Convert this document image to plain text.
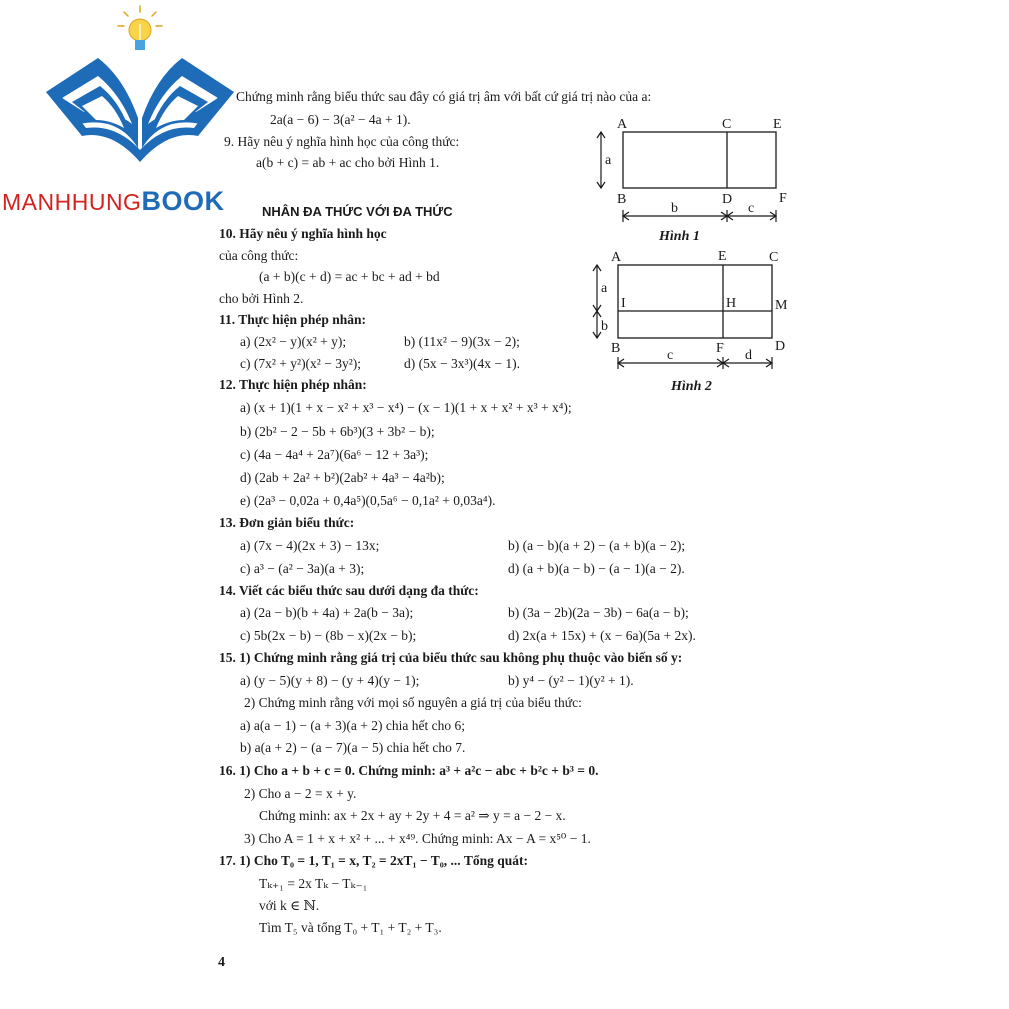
MANHHUNGBOOK
Chứng minh rằng biểu thức sau đây có giá trị âm với bất cứ giá trị nào của a:
2a(a − 6) − 3(a² − 4a + 1).
9. Hãy nêu ý nghĩa hình học của công thức:
a(b + c) = ab + ac cho bởi Hình 1.
NHÂN ĐA THỨC VỚI ĐA THỨC
10. Hãy nêu ý nghĩa hình học
của công thức:
(a + b)(c + d) = ac + bc + ad + bd
cho bởi Hình 2.
11. Thực hiện phép nhân:
a) (2x² − y)(x² + y);	b) (11x² − 9)(3x − 2);
c) (7x² + y²)(x² − 3y²);	d) (5x − 3x³)(4x − 1).
12. Thực hiện phép nhân:
a) (x + 1)(1 + x − x² + x³ − x⁴) − (x − 1)(1 + x + x² + x³ + x⁴);
b) (2b² − 2 − 5b + 6b³)(3 + 3b² − b);
c) (4a − 4a⁴ + 2a⁷)(6a⁶ − 12 + 3a³);
d) (2ab + 2a² + b²)(2ab² + 4a³ − 4a²b);
e) (2a³ − 0,02a + 0,4a⁵)(0,5a⁶ − 0,1a² + 0,03a⁴).
13. Đơn giản biểu thức:
a) (7x − 4)(2x + 3) − 13x;	b) (a − b)(a + 2) − (a + b)(a − 2);
c) a³ − (a² − 3a)(a + 3);	d) (a + b)(a − b) − (a − 1)(a − 2).
14. Viết các biểu thức sau dưới dạng đa thức:
a) (2a − b)(b + 4a) + 2a(b − 3a);	b) (3a − 2b)(2a − 3b) − 6a(a − b);
c) 5b(2x − b) − (8b − x)(2x − b);	d) 2x(a + 15x) + (x − 6a)(5a + 2x).
15. 1) Chứng minh rằng giá trị của biểu thức sau không phụ thuộc vào biến số y:
a) (y − 5)(y + 8) − (y + 4)(y − 1);	b) y⁴ − (y² − 1)(y² + 1).
2) Chứng minh rằng với mọi số nguyên a giá trị của biểu thức:
a) a(a − 1) − (a + 3)(a + 2) chia hết cho 6;
b) a(a + 2) − (a − 7)(a − 5) chia hết cho 7.
16. 1) Cho a + b + c = 0. Chứng minh: a³ + a²c − abc + b²c + b³ = 0.
2) Cho a − 2 = x + y.
Chứng minh: ax + 2x + ay + 2y + 4 = a² ⇒ y = a − 2 − x.
3) Cho A = 1 + x + x² + ... + x⁴⁹. Chứng minh: Ax − A = x⁵⁰ − 1.
17. 1) Cho T₀ = 1, T₁ = x, T₂ = 2xT₁ − T₀, ... Tổng quát:
Tₖ₊₁ = 2x Tₖ − Tₖ₋₁
với k ∈ ℕ.
Tìm T₅ và tổng T₀ + T₁ + T₂ + T₃.
4
A	C	E
B	D	F
a
b	c
Hình 1
A	E	C
I	H	M
B	F	D
a
b
c	d
Hình 2
